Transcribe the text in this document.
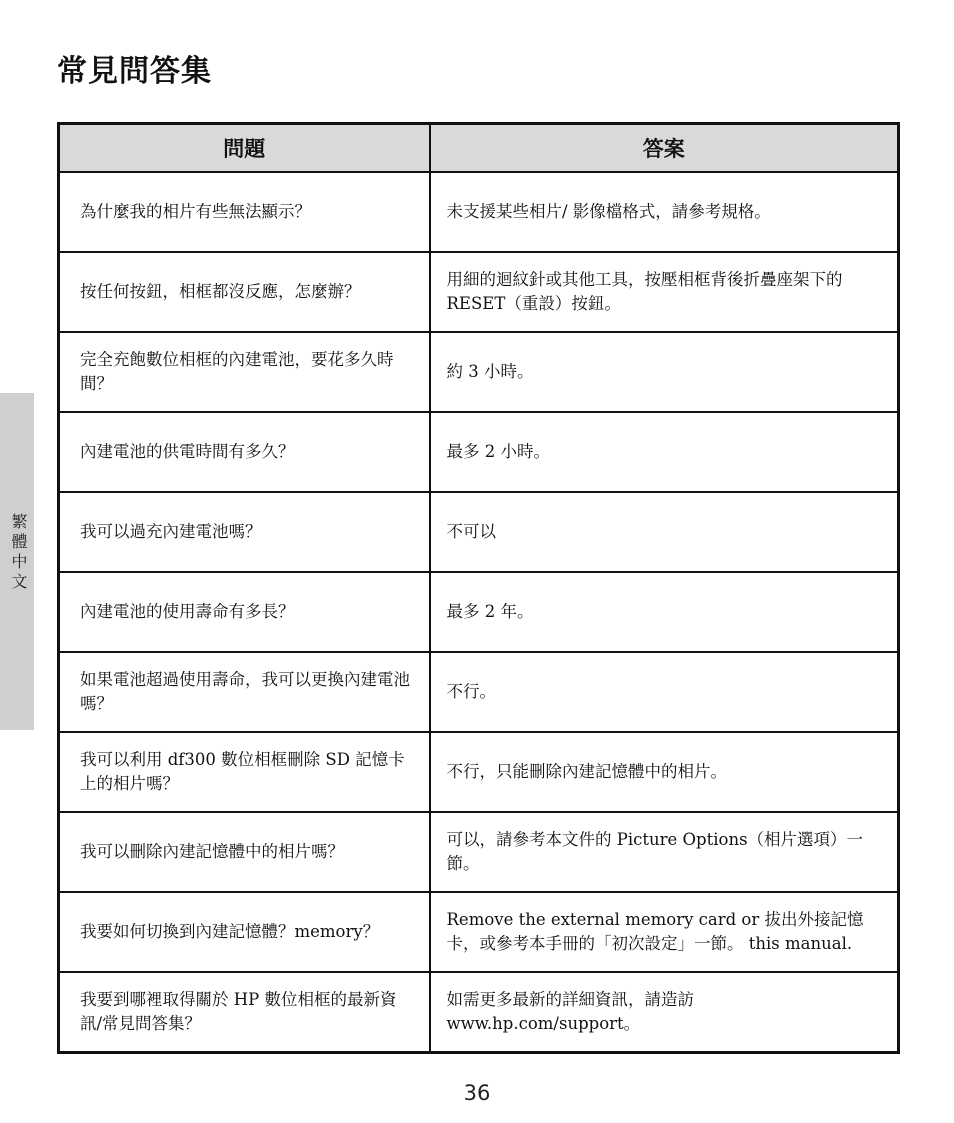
常見問答集
繁體中文
問題	答案
為什麼我的相片有些無法顯示？	未支援某些相片/ 影像檔格式，請參考規格。
按任何按鈕，相框都沒反應，怎麼辦？	用細的迴紋針或其他工具，按壓相框背後折疊座架下的 RESET（重設）按鈕。
完全充飽數位相框的內建電池，要花多久時間？	約 3 小時。
內建電池的供電時間有多久？	最多 2 小時。
我可以過充內建電池嗎？	不可以
內建電池的使用壽命有多長？	最多 2 年。
如果電池超過使用壽命，我可以更換內建電池嗎？	不行。
我可以利用 df300 數位相框刪除 SD 記憶卡上的相片嗎？	不行，只能刪除內建記憶體中的相片。
我可以刪除內建記憶體中的相片嗎？	可以，請參考本文件的 Picture Options（相片選項）一節。
我要如何切換到內建記憶體？memory？	Remove the external memory card or 拔出外接記憶卡，或參考本手冊的「初次設定」一節。 this manual.
我要到哪裡取得關於 HP 數位相框的最新資訊/常見問答集？	如需更多最新的詳細資訊，請造訪 www.hp.com/support。
36
